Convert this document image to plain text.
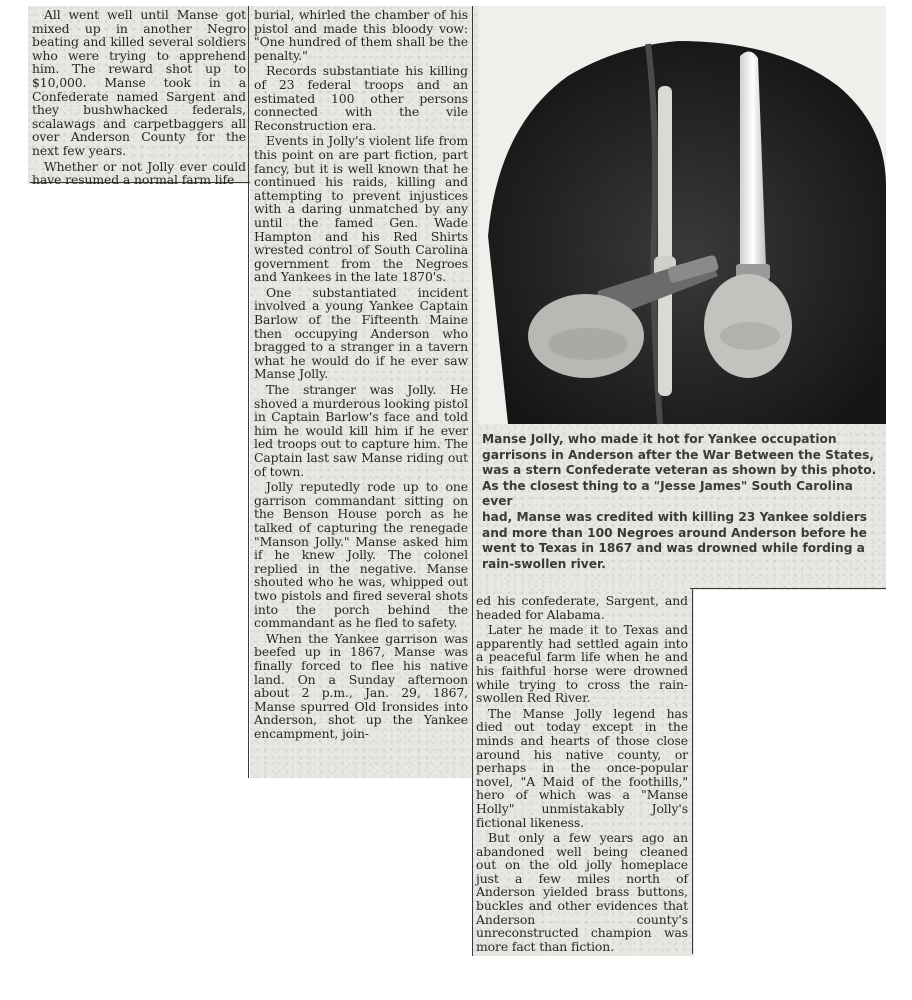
All went well until Manse got mixed up in another Negro beating and killed several soldiers who were trying to apprehend him. The reward shot up to $10,000. Manse took in a Confederate named Sargent and they bushwhacked federals, scalawags and carpetbaggers all over Anderson County for the next few years.

Whether or not Jolly ever could have resumed a normal farm life

burial, whirled the chamber of his pistol and made this bloody vow: "One hundred of them shall be the penalty."

Records substantiate his killing of 23 federal troops and an estimated 100 other persons connected with the vile Reconstruction era.

Events in Jolly's violent life from this point on are part fiction, part fancy, but it is well known that he continued his raids, killing and attempting to prevent injustices with a daring unmatched by any until the famed Gen. Wade Hampton and his Red Shirts wrested control of South Carolina government from the Negroes and Yankees in the late 1870's.

One substantiated incident involved a young Yankee Captain Barlow of the Fifteenth Maine then occupying Anderson who bragged to a stranger in a tavern what he would do if he ever saw Manse Jolly.

The stranger was Jolly. He shoved a murderous looking pistol in Captain Barlow's face and told him he would kill him if he ever led troops out to capture him. The Captain last saw Manse riding out of town.

Jolly reputedly rode up to one garrison commandant sitting on the Benson House porch as he talked of capturing the renegade "Manson Jolly." Manse asked him if he knew Jolly. The colonel replied in the negative. Manse shouted who he was, whipped out two pistols and fired several shots into the porch behind the commandant as he fled to safety.

When the Yankee garrison was beefed up in 1867, Manse was finally forced to flee his native land. On a Sunday afternoon about 2 p.m., Jan. 29, 1867, Manse spurred Old Ironsides into Anderson, shot up the Yankee encampment, join-

Manse Jolly, who made it hot for Yankee occupation
garrisons in Anderson after the War Between the States,
was a stern Confederate veteran as shown by this photo.
As the closest thing to a "Jesse James" South Carolina ever
had, Manse was credited with killing 23 Yankee soldiers
and more than 100 Negroes around Anderson before he
went to Texas in 1867 and was drowned while fording a
rain-swollen river.

ed his confederate, Sargent, and headed for Alabama.

Later he made it to Texas and apparently had settled again into a peaceful farm life when he and his faithful horse were drowned while trying to cross the rain-swollen Red River.

The Manse Jolly legend has died out today except in the minds and hearts of those close around his native county, or perhaps in the once-popular novel, "A Maid of the foothills," hero of which was a "Manse Holly" unmistakably Jolly's fictional likeness.

But only a few years ago an abandoned well being cleaned out on the old jolly homeplace just a few miles north of Anderson yielded brass buttons, buckles and other evidences that Anderson county's unreconstructed champion was more fact than fiction.
